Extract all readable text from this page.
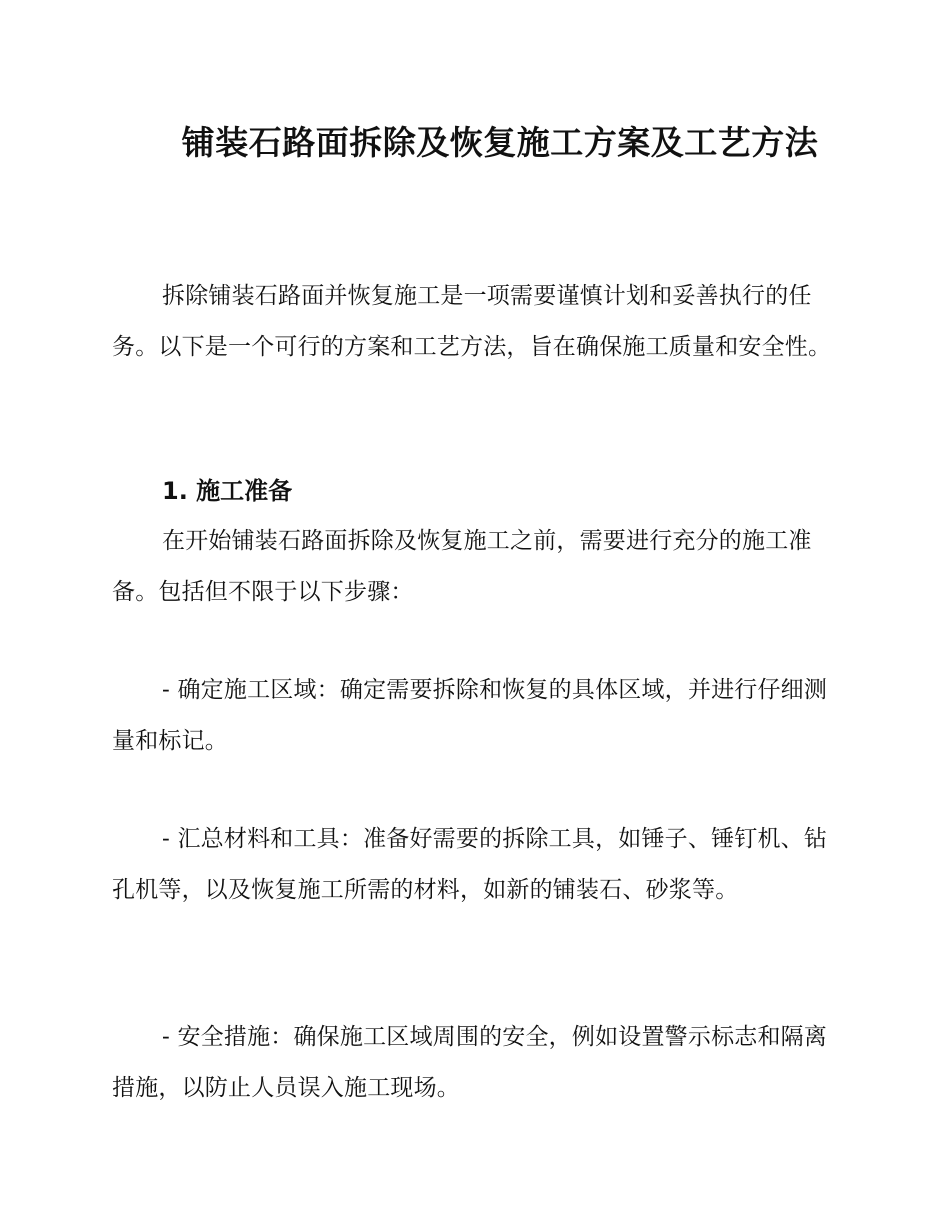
铺装石路面拆除及恢复施工方案及工艺方法

拆除铺装石路面并恢复施工是一项需要谨慎计划和妥善执行的任务。以下是一个可行的方案和工艺方法，旨在确保施工质量和安全性。

1. 施工准备

在开始铺装石路面拆除及恢复施工之前，需要进行充分的施工准备。包括但不限于以下步骤：

- 确定施工区域：确定需要拆除和恢复的具体区域，并进行仔细测量和标记。

- 汇总材料和工具：准备好需要的拆除工具，如锤子、锤钉机、钻孔机等，以及恢复施工所需的材料，如新的铺装石、砂浆等。

- 安全措施：确保施工区域周围的安全，例如设置警示标志和隔离措施，以防止人员误入施工现场。
